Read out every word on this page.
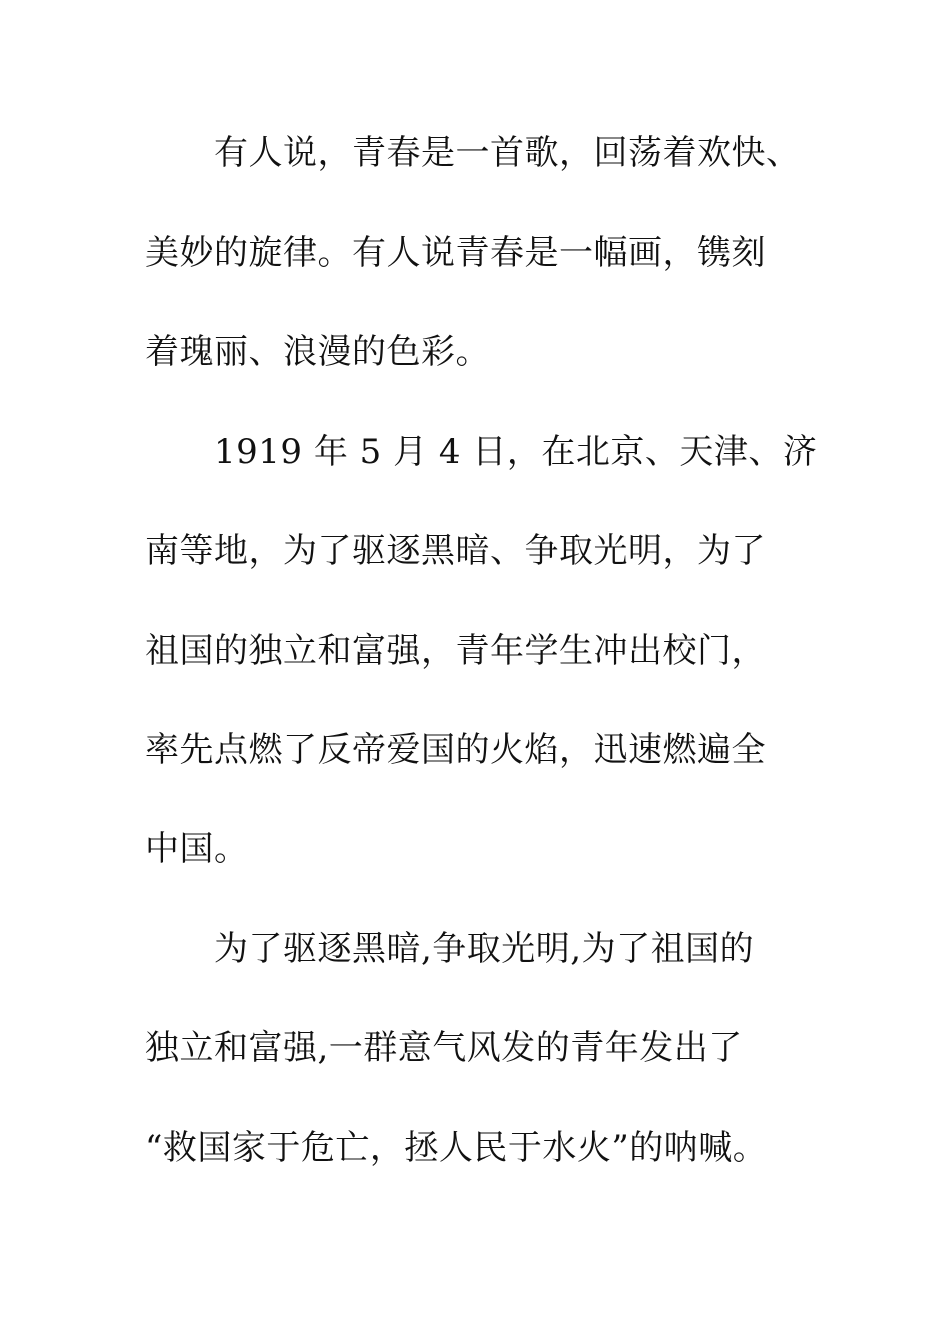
有人说，青春是一首歌，回荡着欢快、
美妙的旋律。有人说青春是一幅画，镌刻
着瑰丽、浪漫的色彩。
1919 年 5 月 4 日，在北京、天津、济
南等地，为了驱逐黑暗、争取光明，为了
祖国的独立和富强，青年学生冲出校门，
率先点燃了反帝爱国的火焰，迅速燃遍全
中国。
为了驱逐黑暗,争取光明,为了祖国的
独立和富强,一群意气风发的青年发出了
“救国家于危亡，拯人民于水火”的呐喊。
